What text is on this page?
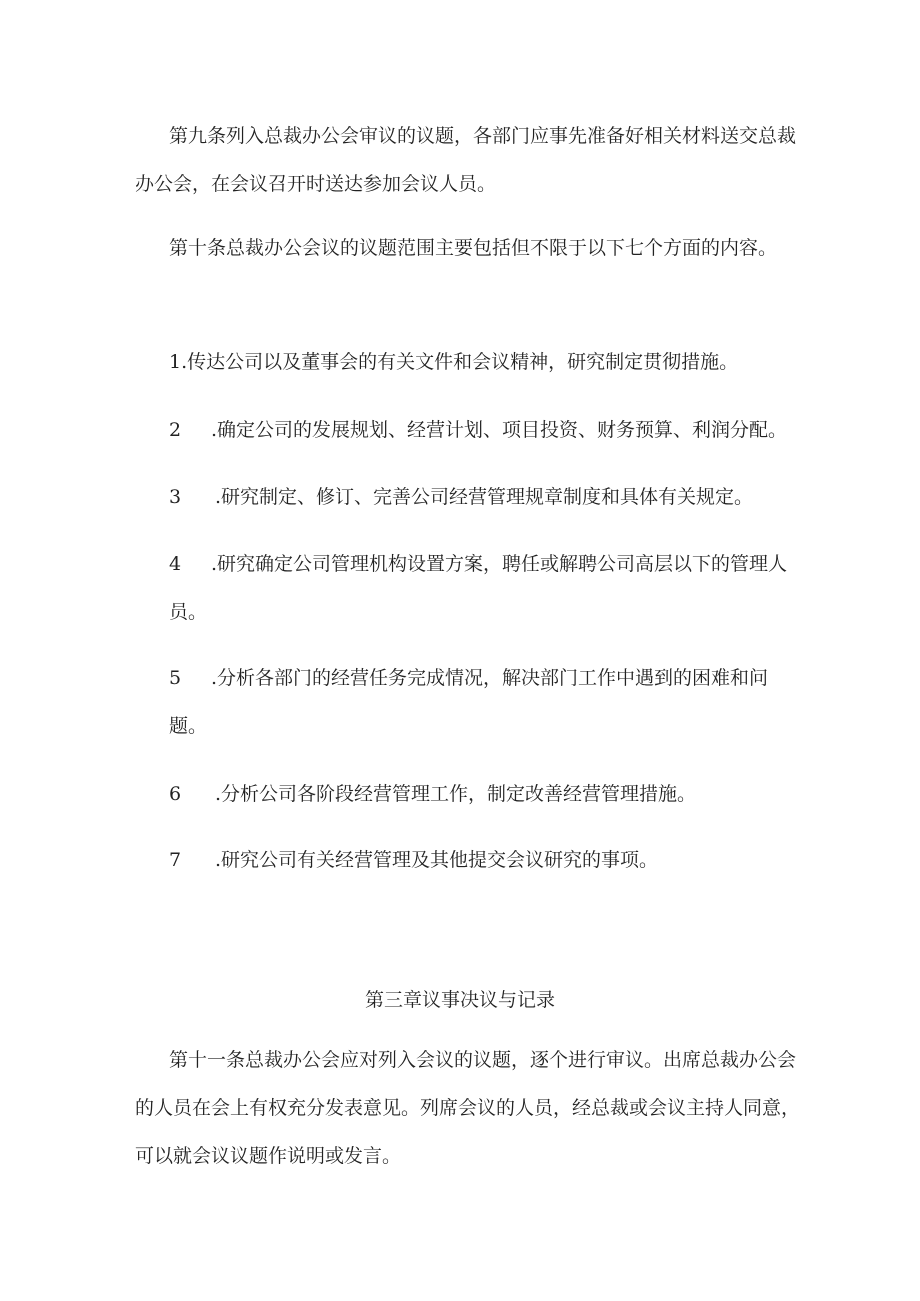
第九条列入总裁办公会审议的议题，各部门应事先准备好相关材料送交总裁办公会，在会议召开时送达参加会议人员。

第十条总裁办公会议的议题范围主要包括但不限于以下七个方面的内容。

1.传达公司以及董事会的有关文件和会议精神，研究制定贯彻措施。

2 .确定公司的发展规划、经营计划、项目投资、财务预算、利润分配。

3 .研究制定、修订、完善公司经营管理规章制度和具体有关规定。

4 .研究确定公司管理机构设置方案，聘任或解聘公司高层以下的管理人员。

5 .分析各部门的经营任务完成情况，解决部门工作中遇到的困难和问题。

6 .分析公司各阶段经营管理工作，制定改善经营管理措施。

7 .研究公司有关经营管理及其他提交会议研究的事项。

第三章议事决议与记录

第十一条总裁办公会应对列入会议的议题，逐个进行审议。出席总裁办公会的人员在会上有权充分发表意见。列席会议的人员，经总裁或会议主持人同意，可以就会议议题作说明或发言。
